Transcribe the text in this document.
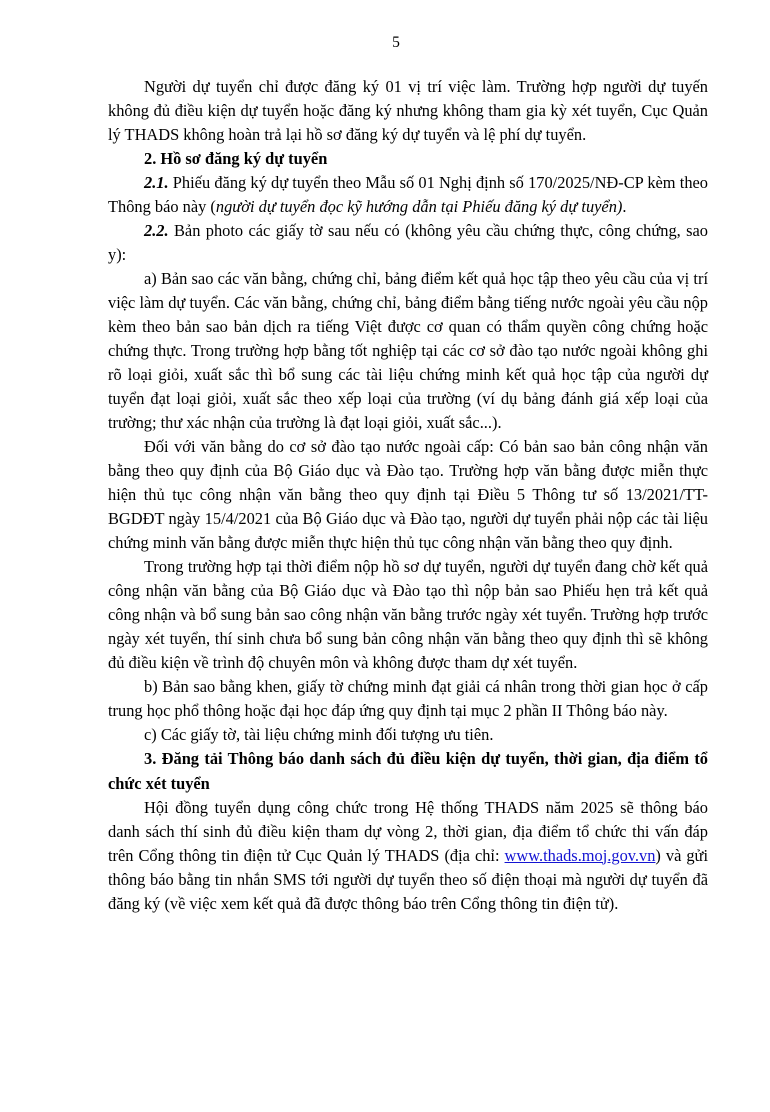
5

Người dự tuyển chỉ được đăng ký 01 vị trí việc làm. Trường hợp người dự tuyến không đủ điều kiện dự tuyển hoặc đăng ký nhưng không tham gia kỳ xét tuyển, Cục Quản lý THADS không hoàn trả lại hồ sơ đăng ký dự tuyển và lệ phí dự tuyển.

2. Hồ sơ đăng ký dự tuyển

2.1. Phiếu đăng ký dự tuyển theo Mẫu số 01 Nghị định số 170/2025/NĐ-CP kèm theo Thông báo này (người dự tuyển đọc kỹ hướng dẫn tại Phiếu đăng ký dự tuyển).

2.2. Bản photo các giấy tờ sau nếu có (không yêu cầu chứng thực, công chứng, sao y):

a) Bản sao các văn bằng, chứng chỉ, bảng điểm kết quả học tập theo yêu cầu của vị trí việc làm dự tuyển. Các văn bằng, chứng chỉ, bảng điểm bằng tiếng nước ngoài yêu cầu nộp kèm theo bản sao bản dịch ra tiếng Việt được cơ quan có thẩm quyền công chứng hoặc chứng thực. Trong trường hợp bằng tốt nghiệp tại các cơ sở đào tạo nước ngoài không ghi rõ loại giỏi, xuất sắc thì bổ sung các tài liệu chứng minh kết quả học tập của người dự tuyển đạt loại giỏi, xuất sắc theo xếp loại của trường (ví dụ bảng đánh giá xếp loại của trường; thư xác nhận của trường là đạt loại giỏi, xuất sắc...).

Đối với văn bằng do cơ sở đào tạo nước ngoài cấp: Có bản sao bản công nhận văn bằng theo quy định của Bộ Giáo dục và Đào tạo. Trường hợp văn bằng được miễn thực hiện thủ tục công nhận văn bằng theo quy định tại Điều 5 Thông tư số 13/2021/TT-BGDĐT ngày 15/4/2021 của Bộ Giáo dục và Đào tạo, người dự tuyển phải nộp các tài liệu chứng minh văn bằng được miễn thực hiện thủ tục công nhận văn bằng theo quy định.

Trong trường hợp tại thời điểm nộp hồ sơ dự tuyển, người dự tuyển đang chờ kết quả công nhận văn bằng của Bộ Giáo dục và Đào tạo thì nộp bản sao Phiếu hẹn trả kết quả công nhận và bổ sung bản sao công nhận văn bằng trước ngày xét tuyển. Trường hợp trước ngày xét tuyển, thí sinh chưa bổ sung bản công nhận văn bằng theo quy định thì sẽ không đủ điều kiện về trình độ chuyên môn và không được tham dự xét tuyển.

b) Bản sao bằng khen, giấy tờ chứng minh đạt giải cá nhân trong thời gian học ở cấp trung học phổ thông hoặc đại học đáp ứng quy định tại mục 2 phần II Thông báo này.

c) Các giấy tờ, tài liệu chứng minh đối tượng ưu tiên.

3. Đăng tải Thông báo danh sách đủ điều kiện dự tuyển, thời gian, địa điểm tổ chức xét tuyển

Hội đồng tuyển dụng công chức trong Hệ thống THADS năm 2025 sẽ thông báo danh sách thí sinh đủ điều kiện tham dự vòng 2, thời gian, địa điểm tổ chức thi vấn đáp trên Cổng thông tin điện tử Cục Quản lý THADS (địa chỉ: www.thads.moj.gov.vn) và gửi thông báo bằng tin nhắn SMS tới người dự tuyển theo số điện thoại mà người dự tuyển đã đăng ký (về việc xem kết quả đã được thông báo trên Cổng thông tin điện tử).
